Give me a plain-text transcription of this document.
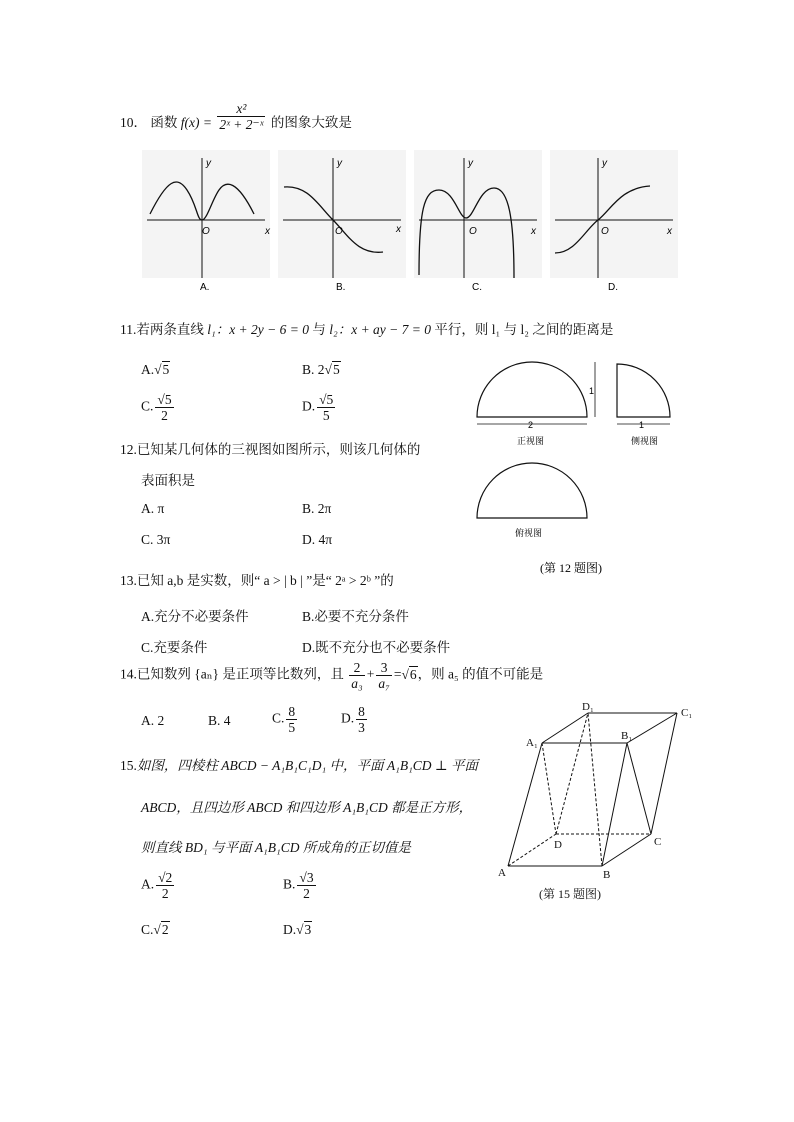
10． 函数 $f(x) = \frac{\text{x²}}{\text{2ˣ + 2⁻ˣ}}$ 的图象大致是
y
x
O
A.
y
x
O
B.
y
x
O
C.
y
x
O
D.
11.若两条直线 l₁：x + 2y − 6 = 0 与 l₂：x + ay − 7 = 0 平行，则 l₁ 与 l₂ 之间的距离是
A.√5	B. 2√5
C. $\frac{√5}{2}$	D. $\frac{√5}{5}$
2
1
正视图
1
侧视图
俯视图
(第 12 题图)
12.已知某几何体的三视图如图所示，则该几何体的
表面积是
A. π	B. 2π
C. 3π	D. 4π
13.已知 a,b 是实数，则“ a > | b | ”是“ 2ᵃ > 2ᵇ ”的
A.充分不必要条件	B.必要不充分条件
C.充要条件	D.既不充分也不必要条件
14.已知数列 {aₙ} 是正项等比数列，且 $\frac{2}{\text{a₃}} + \frac{3}{\text{a₇}} =√6$，则 a₅ 的值不可能是
A. 2	B. 4	C. $\frac{8}{5}$	D. $\frac{8}{3}$
15.如图，四棱柱 ABCD − A₁B₁C₁D₁ 中，平面 A₁B₁CD ⊥ 平面
ABCD，且四边形 ABCD 和四边形 A₁B₁CD 都是正方形，
则直线 BD₁ 与平面 A₁B₁CD 所成角的正切值是
A. $\frac{√2}{2}$	B. $\frac{√3}{2}$
C.√2	D.√3
A	B
C
D
A₁
B₁
C₁
D₁
(第 15 题图)
